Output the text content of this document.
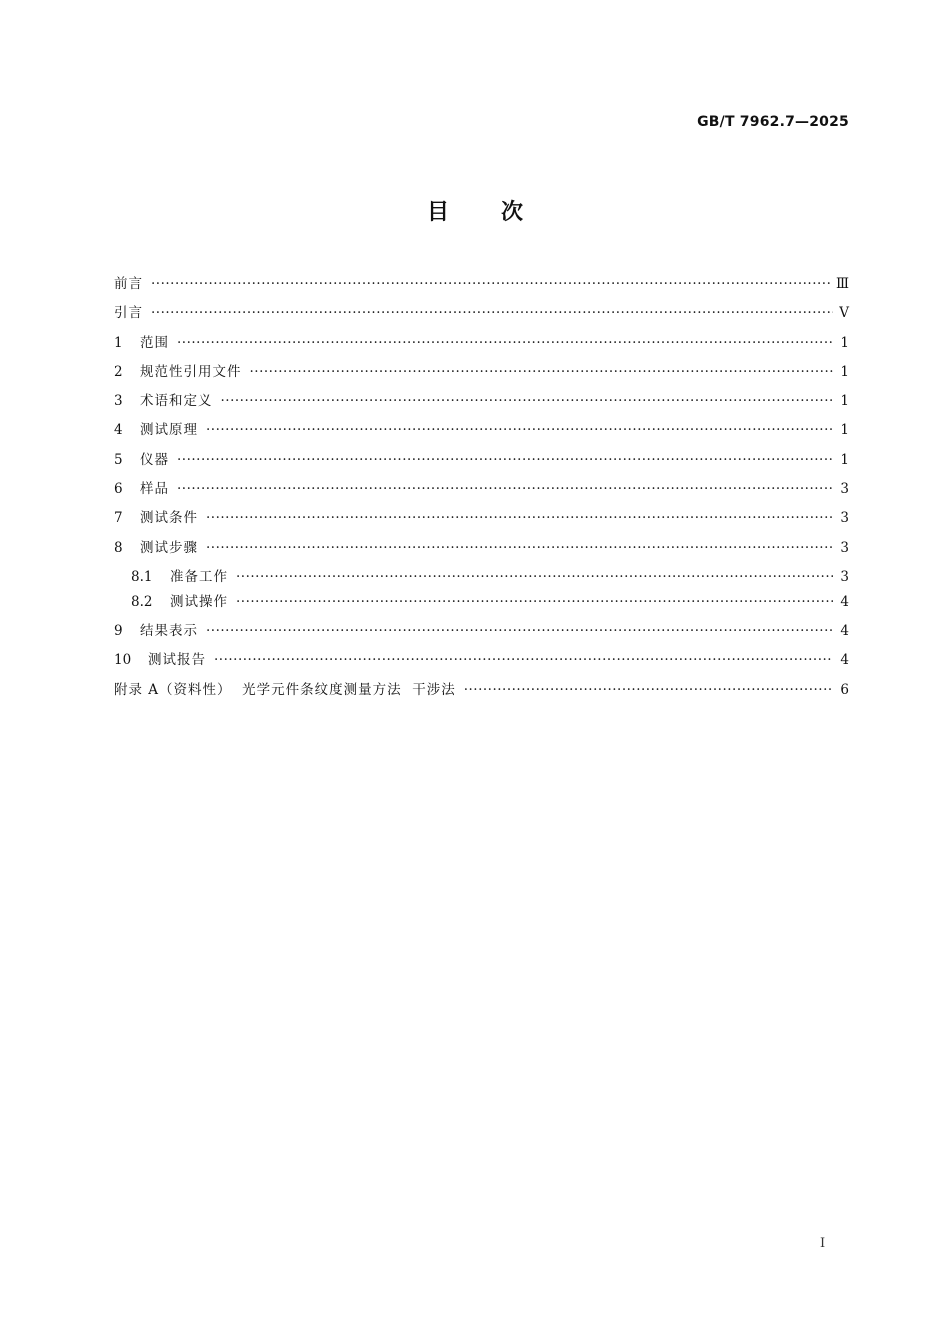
GB/T 7962.7—2025
目次
前言 ·····	Ⅲ
引言 ·····	Ⅴ
1	范围 ·····	1
2	规范性引用文件 ·····	1
3	术语和定义 ·····	1
4	测试原理 ·····	1
5	仪器 ·····	1
6	样品 ·····	3
7	测试条件 ·····	3
8	测试步骤 ·····	3
8.1	准备工作 ·····	3
8.2	测试操作 ·····	4
9	结果表示 ·····	4
10	测试报告 ·····	4
附录 A（资料性）  光学元件条纹度测量方法  干涉法 ·····	6
I
